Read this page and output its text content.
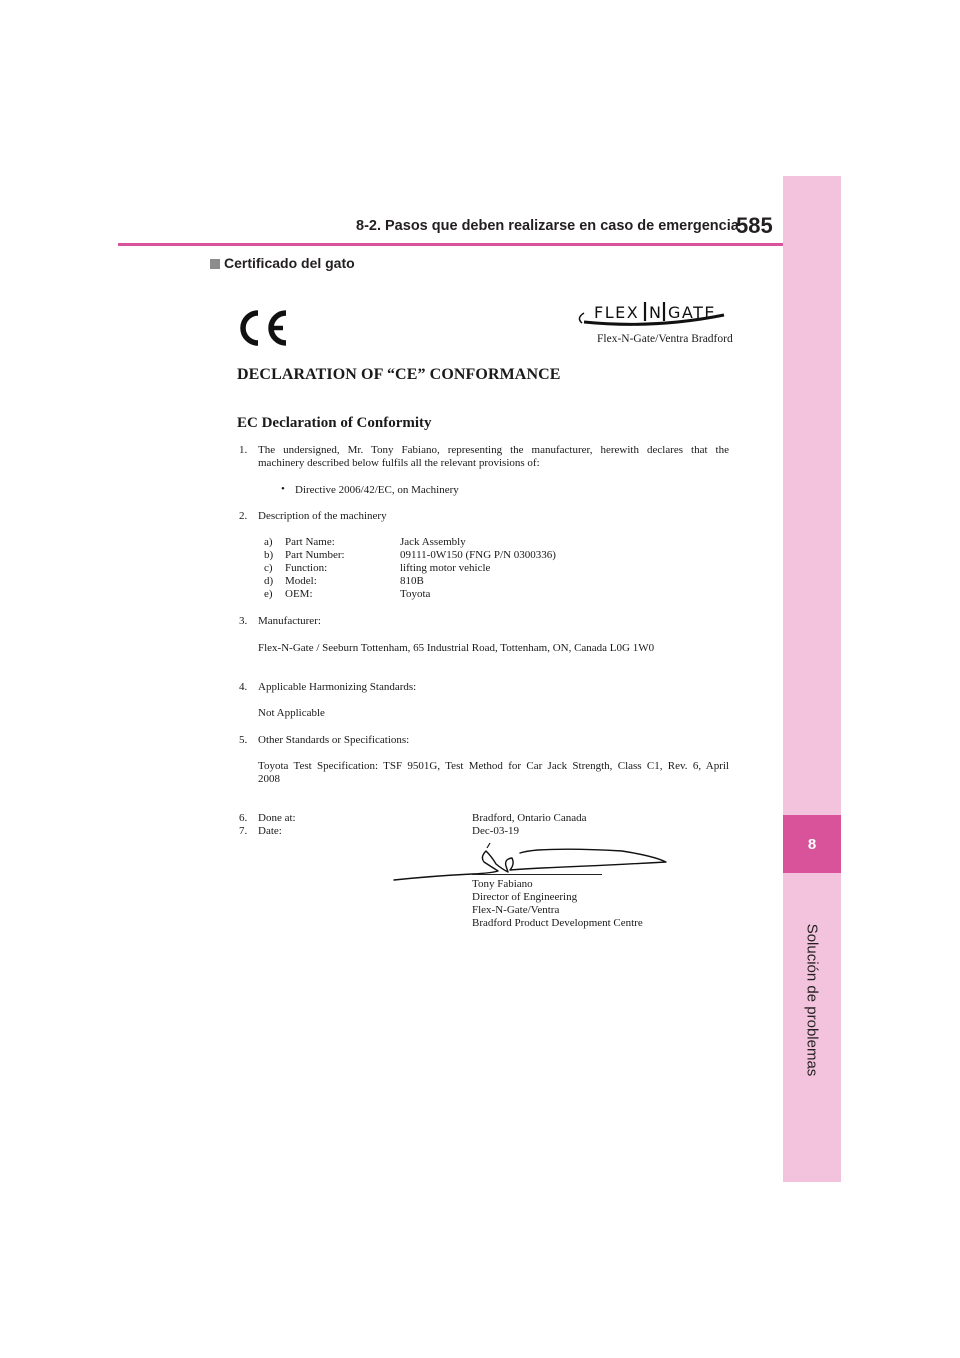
8
Solución de problemas
8-2. Pasos que deben realizarse en caso de emergencia
585
Certificado del gato
FLEX N GATE
Flex-N-Gate/Ventra Bradford
DECLARATION OF “CE” CONFORMANCE
EC Declaration of Conformity
1. The undersigned, Mr. Tony Fabiano, representing the manufacturer, herewith declares that the
machinery described below fulfils all the relevant provisions of:
• Directive 2006/42/EC, on Machinery
2. Description of the machinery
a) Part Name:	Jack Assembly
b) Part Number:	09111-0W150 (FNG P/N 0300336)
c) Function:	lifting motor vehicle
d) Model:	810B
e) OEM:	Toyota
3. Manufacturer:
Flex-N-Gate / Seeburn Tottenham, 65 Industrial Road, Tottenham, ON, Canada L0G 1W0
4. Applicable Harmonizing Standards:
Not Applicable
5. Other Standards or Specifications:
Toyota Test Specification: TSF 9501G, Test Method for Car Jack Strength, Class C1, Rev. 6, April
2008
6. Done at:	Bradford, Ontario Canada
7. Date:	Dec-03-19
Tony Fabiano
Director of Engineering
Flex-N-Gate/Ventra
Bradford Product Development Centre
